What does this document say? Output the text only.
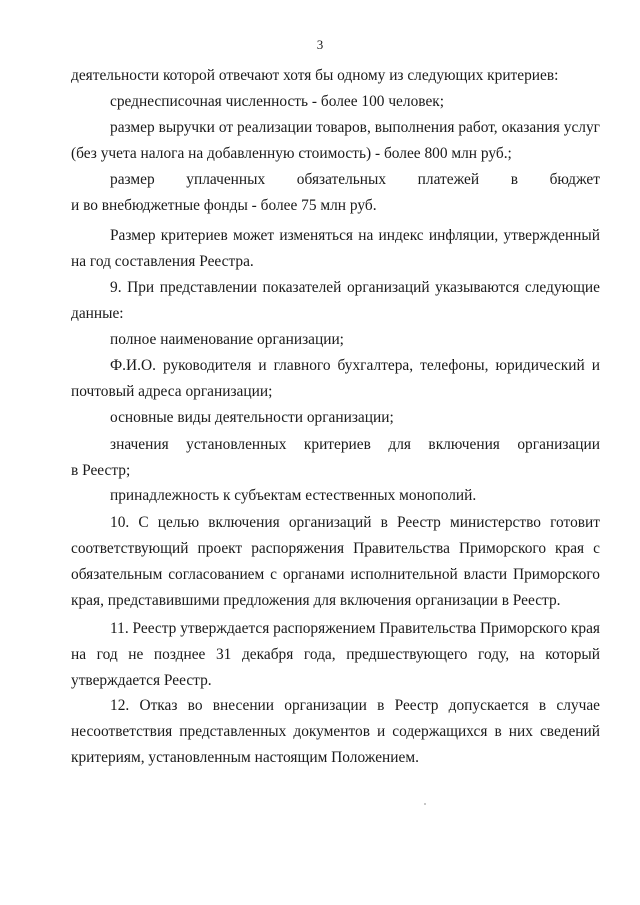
3

деятельности которой отвечают хотя бы одному из следующих критериев:

среднесписочная численность - более 100 человек;

размер выручки от реализации товаров, выполнения работ, оказания услуг (без учета налога на добавленную стоимость) - более 800 млн руб.;

размер уплаченных обязательных платежей в бюджет
и во внебюджетные фонды - более 75 млн руб.

Размер критериев может изменяться на индекс инфляции, утвержденный на год составления Реестра.

9. При представлении показателей организаций указываются следующие данные:

полное наименование организации;

Ф.И.О. руководителя и главного бухгалтера, телефоны, юридический и почтовый адреса организации;

основные виды деятельности организации;

значения установленных критериев для включения организации
в Реестр;

принадлежность к субъектам естественных монополий.

10. С целью включения организаций в Реестр министерство готовит соответствующий проект распоряжения Правительства Приморского края с обязательным согласованием с органами исполнительной власти Приморского края, представившими предложения для включения организации в Реестр.

11. Реестр утверждается распоряжением Правительства Приморского края на год не позднее 31 декабря года, предшествующего году, на который утверждается Реестр.

12. Отказ во внесении организации в Реестр допускается в случае несоответствия представленных документов и содержащихся в них сведений критериям, установленным настоящим Положением.
